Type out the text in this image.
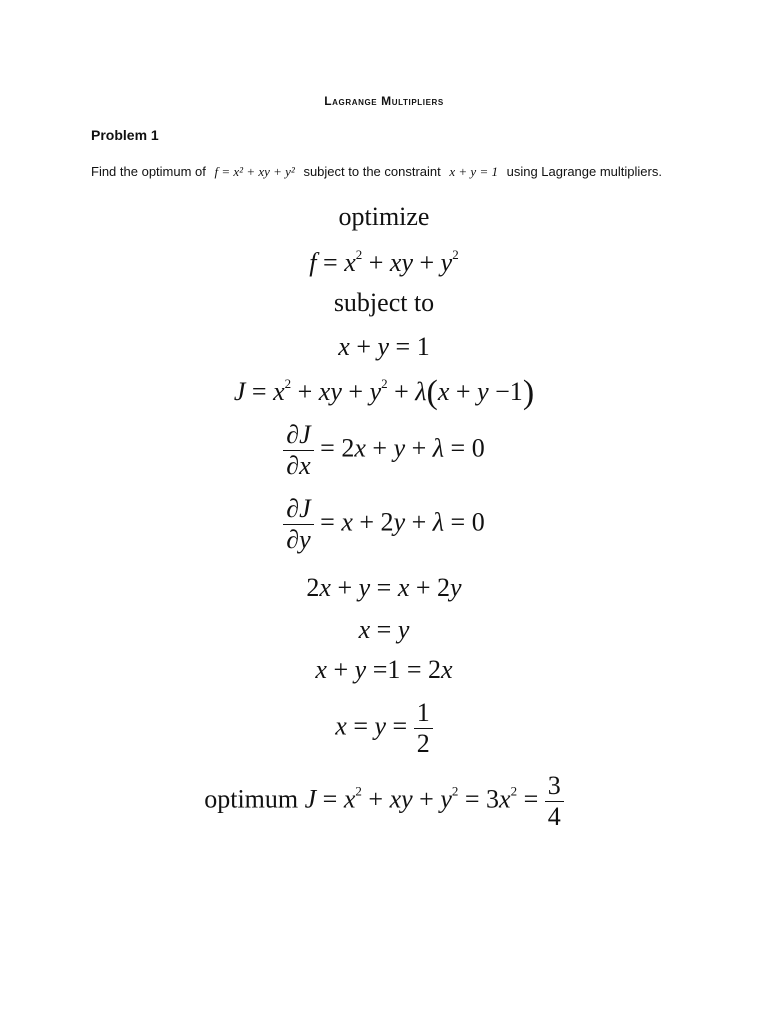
Lagrange Multipliers
Problem 1
Find the optimum of f = x² + xy + y² subject to the constraint x + y = 1 using Lagrange multipliers.
optimize
$f = x^2$ + xy + $y^2$
subject to
x + y = 1
$J = x^2$ + xy + $y^2 + \lambda(x + y -1)$
$\frac{\partial J}{\partial x} = 2x + y + \lambda = 0$
$\frac{\partial J}{\partial y} = x + 2y + \lambda = 0$
2x + y = x + 2y
x = y
x + y =1 = 2x
$x = y = \frac{1}{2}$
optimum $J = x^2$ + xy + $y^2 = 3x^2 = \frac{3}{4}$
